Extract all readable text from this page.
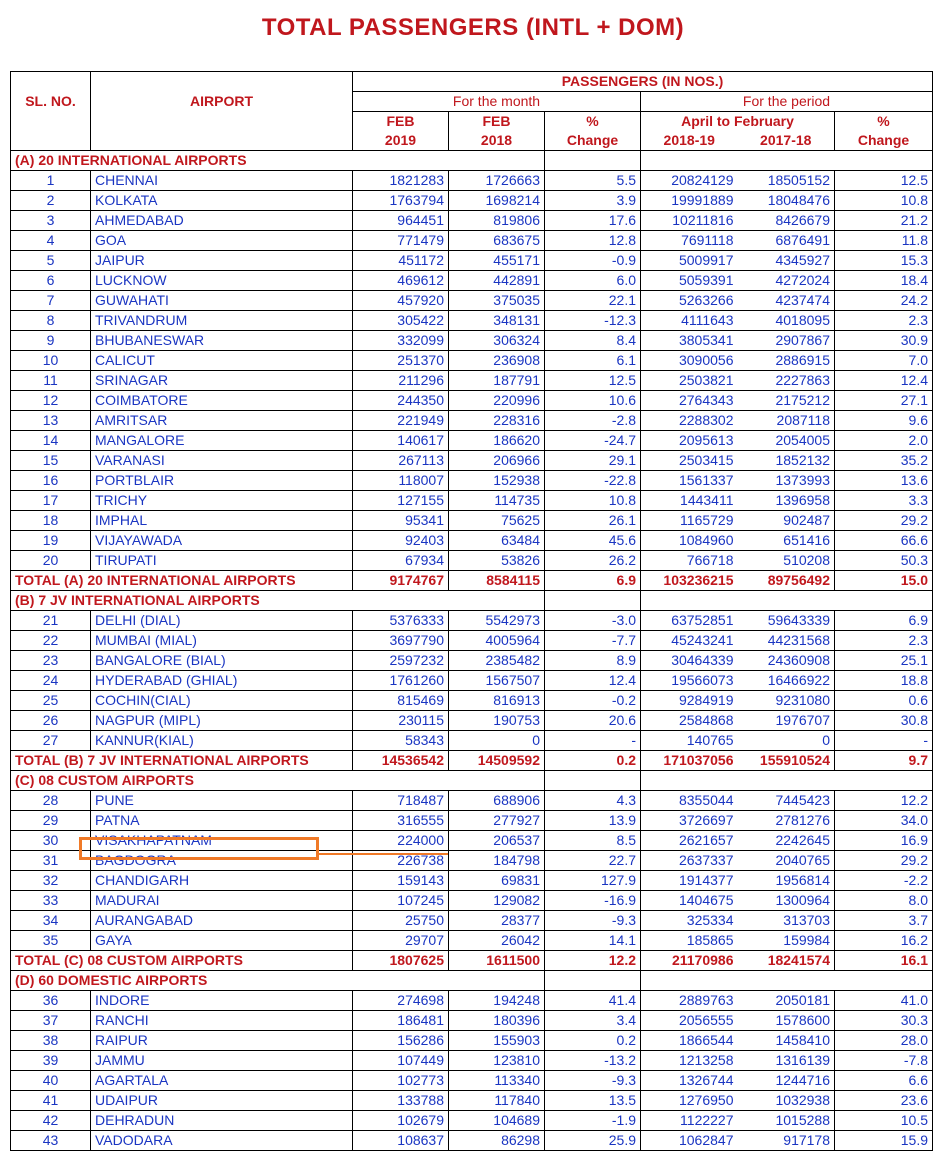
TOTAL PASSENGERS (INTL + DOM)
		PASSENGERS (IN NOS.)					
SL. NO.	AIRPORT	For the month			For the period		
		FEB	FEB	%	April to February		%
		2019	2018	Change	2018-19	2017-18	Change
(A) 20 INTERNATIONAL AIRPORTS							
1	CHENNAI	1821283	1726663	5.5	20824129	18505152	12.5
2	KOLKATA	1763794	1698214	3.9	19991889	18048476	10.8
3	AHMEDABAD	964451	819806	17.6	10211816	8426679	21.2
4	GOA	771479	683675	12.8	7691118	6876491	11.8
5	JAIPUR	451172	455171	-0.9	5009917	4345927	15.3
6	LUCKNOW	469612	442891	6.0	5059391	4272024	18.4
7	GUWAHATI	457920	375035	22.1	5263266	4237474	24.2
8	TRIVANDRUM	305422	348131	-12.3	4111643	4018095	2.3
9	BHUBANESWAR	332099	306324	8.4	3805341	2907867	30.9
10	CALICUT	251370	236908	6.1	3090056	2886915	7.0
11	SRINAGAR	211296	187791	12.5	2503821	2227863	12.4
12	COIMBATORE	244350	220996	10.6	2764343	2175212	27.1
13	AMRITSAR	221949	228316	-2.8	2288302	2087118	9.6
14	MANGALORE	140617	186620	-24.7	2095613	2054005	2.0
15	VARANASI	267113	206966	29.1	2503415	1852132	35.2
16	PORTBLAIR	118007	152938	-22.8	1561337	1373993	13.6
17	TRICHY	127155	114735	10.8	1443411	1396958	3.3
18	IMPHAL	95341	75625	26.1	1165729	902487	29.2
19	VIJAYAWADA	92403	63484	45.6	1084960	651416	66.6
20	TIRUPATI	67934	53826	26.2	766718	510208	50.3
TOTAL (A) 20 INTERNATIONAL AIRPORTS		9174767	8584115	6.9	103236215	89756492	15.0
(B) 7 JV INTERNATIONAL AIRPORTS							
21	DELHI (DIAL)	5376333	5542973	-3.0	63752851	59643339	6.9
22	MUMBAI (MIAL)	3697790	4005964	-7.7	45243241	44231568	2.3
23	BANGALORE (BIAL)	2597232	2385482	8.9	30464339	24360908	25.1
24	HYDERABAD (GHIAL)	1761260	1567507	12.4	19566073	16466922	18.8
25	COCHIN(CIAL)	815469	816913	-0.2	9284919	9231080	0.6
26	NAGPUR (MIPL)	230115	190753	20.6	2584868	1976707	30.8
27	KANNUR(KIAL)	58343	0	-	140765	0	-
TOTAL (B) 7 JV INTERNATIONAL AIRPORTS		14536542	14509592	0.2	171037056	155910524	9.7
(C) 08 CUSTOM AIRPORTS							
28	PUNE	718487	688906	4.3	8355044	7445423	12.2
29	PATNA	316555	277927	13.9	3726697	2781276	34.0
30	VISAKHAPATNAM	224000	206537	8.5	2621657	2242645	16.9
31	BAGDOGRA	226738	184798	22.7	2637337	2040765	29.2
32	CHANDIGARH	159143	69831	127.9	1914377	1956814	-2.2
33	MADURAI	107245	129082	-16.9	1404675	1300964	8.0
34	AURANGABAD	25750	28377	-9.3	325334	313703	3.7
35	GAYA	29707	26042	14.1	185865	159984	16.2
TOTAL (C) 08 CUSTOM AIRPORTS		1807625	1611500	12.2	21170986	18241574	16.1
(D) 60 DOMESTIC AIRPORTS							
36	INDORE	274698	194248	41.4	2889763	2050181	41.0
37	RANCHI	186481	180396	3.4	2056555	1578600	30.3
38	RAIPUR	156286	155903	0.2	1866544	1458410	28.0
39	JAMMU	107449	123810	-13.2	1213258	1316139	-7.8
40	AGARTALA	102773	113340	-9.3	1326744	1244716	6.6
41	UDAIPUR	133788	117840	13.5	1276950	1032938	23.6
42	DEHRADUN	102679	104689	-1.9	1122227	1015288	10.5
43	VADODARA	108637	86298	25.9	1062847	917178	15.9
